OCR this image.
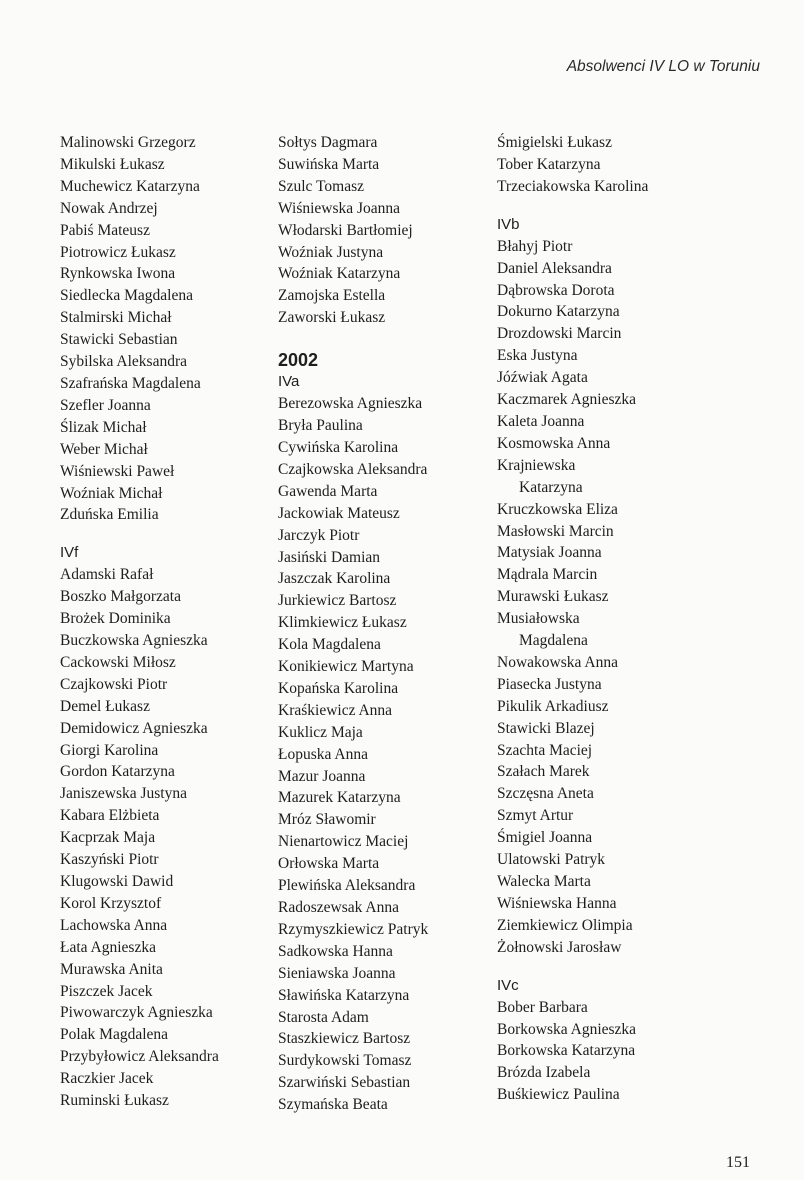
Absolwenci IV LO w Toruniu
Malinowski Grzegorz
Mikulski Łukasz
Muchewicz Katarzyna
Nowak Andrzej
Pabiś Mateusz
Piotrowicz Łukasz
Rynkowska Iwona
Siedlecka Magdalena
Stalmirski Michał
Stawicki Sebastian
Sybilska Aleksandra
Szafrańska Magdalena
Szefler Joanna
Ślizak Michał
Weber Michał
Wiśniewski Paweł
Woźniak Michał
Zduńska Emilia
IVf
Adamski Rafał
Boszko Małgorzata
Brożek Dominika
Buczkowska Agnieszka
Cackowski Miłosz
Czajkowski Piotr
Demel Łukasz
Demidowicz Agnieszka
Giorgi Karolina
Gordon Katarzyna
Janiszewska Justyna
Kabara Elżbieta
Kacprzak Maja
Kaszyński Piotr
Klugowski Dawid
Korol Krzysztof
Lachowska Anna
Łata Agnieszka
Murawska Anita
Piszczek Jacek
Piwowarczyk Agnieszka
Polak Magdalena
Przybyłowicz Aleksandra
Raczkier Jacek
Ruminski Łukasz
Sołtys Dagmara
Suwińska Marta
Szulc Tomasz
Wiśniewska Joanna
Włodarski Bartłomiej
Woźniak Justyna
Woźniak Katarzyna
Zamojska Estella
Zaworski Łukasz
2002
IVa
Berezowska Agnieszka
Bryła Paulina
Cywińska Karolina
Czajkowska Aleksandra
Gawenda Marta
Jackowiak Mateusz
Jarczyk Piotr
Jasiński Damian
Jaszczak Karolina
Jurkiewicz Bartosz
Klimkiewicz Łukasz
Kola Magdalena
Konikiewicz Martyna
Kopańska Karolina
Kraśkiewicz Anna
Kuklicz Maja
Łopuska Anna
Mazur Joanna
Mazurek Katarzyna
Mróz Sławomir
Nienartowicz Maciej
Orłowska Marta
Plewińska Aleksandra
Radoszewsak Anna
Rzymyszkiewicz Patryk
Sadkowska Hanna
Sieniawska Joanna
Sławińska Katarzyna
Starosta Adam
Staszkiewicz Bartosz
Surdykowski Tomasz
Szarwiński Sebastian
Szymańska Beata
Śmigielski Łukasz
Tober Katarzyna
Trzeciakowska Karolina
IVb
Błahyj Piotr
Daniel Aleksandra
Dąbrowska Dorota
Dokurno Katarzyna
Drozdowski Marcin
Eska Justyna
Jóźwiak Agata
Kaczmarek Agnieszka
Kaleta Joanna
Kosmowska Anna
Krajniewska
Katarzyna
Kruczkowska Eliza
Masłowski Marcin
Matysiak Joanna
Mądrala Marcin
Murawski Łukasz
Musiałowska
Magdalena
Nowakowska Anna
Piasecka Justyna
Pikulik Arkadiusz
Stawicki Blazej
Szachta Maciej
Szałach Marek
Szczęsna Aneta
Szmyt Artur
Śmigiel Joanna
Ulatowski Patryk
Walecka Marta
Wiśniewska Hanna
Ziemkiewicz Olimpia
Żołnowski Jarosław
IVc
Bober Barbara
Borkowska Agnieszka
Borkowska Katarzyna
Brózda Izabela
Buśkiewicz Paulina
151
